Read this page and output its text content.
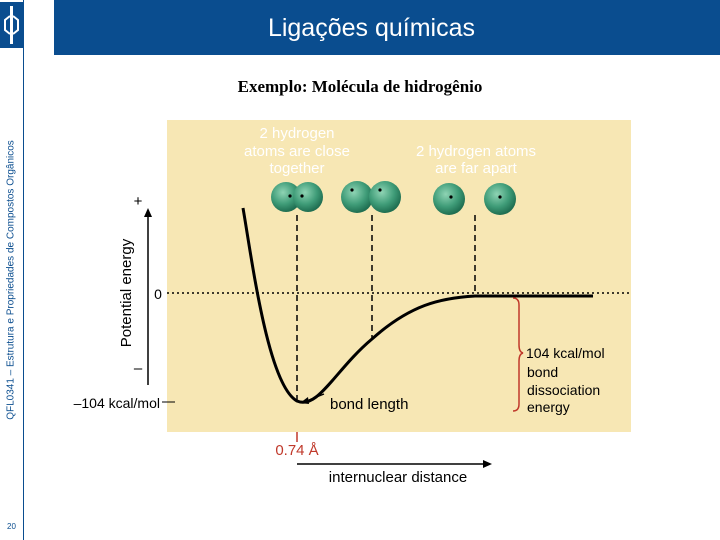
QFL0341 – Estrutura e Propriedades de Compostos Orgânicos
20
Ligações químicas
Exemplo: Molécula de hidrogênio
+
–
Potential energy 0
–104 kcal/mol
2 hydrogen
atoms are close
together
2 hydrogen atoms
are far apart
bond length
104 kcal/mol
bond
dissociation
energy
0.74 Å
internuclear distance
